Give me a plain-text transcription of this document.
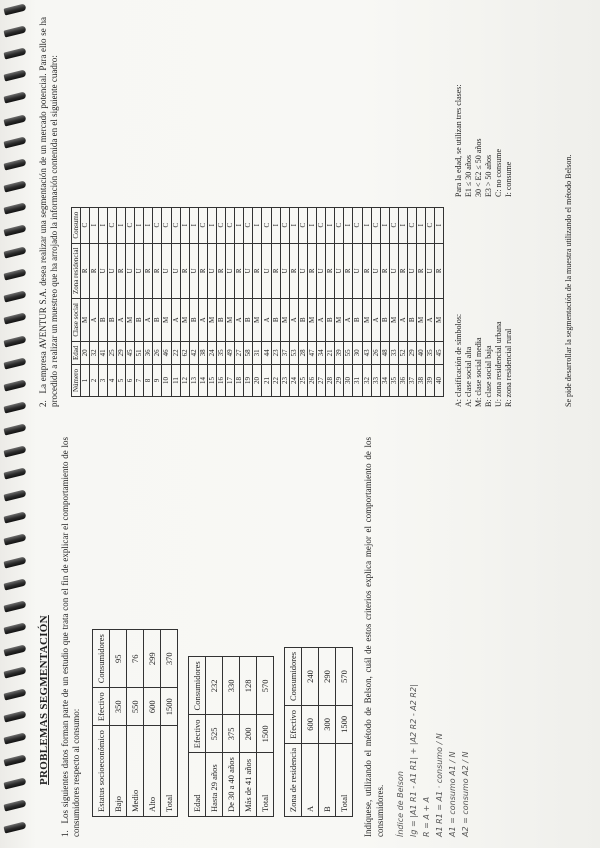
PROBLEMAS SEGMENTACIÓN
1. Los siguientes datos forman parte de un estudio que trata con el fin de explicar el comportamiento de los consumidores respecto al consumo: Estatus socioeconómico	Efectivo	Consumidores
Bajo	350	95
Medio	550	76
Alto	600	299
Total	1500	370
Edad	Efectivo	Consumidores
Hasta 29 años	525	232
De 30 a 40 años	375	330
Más de 41 años	200	128
Total	1500	570
Zona de residencia	Efectivo	Consumidores
A	600	240
B	300	290
Total	1500	570 Indíquese, utilizando el método de Belson, cuál de estos criterios explica mejor el comportamiento de los consumidores. Índice de Belson Ig = |A1 R1 - A1 R1| + |A2 R2 - A2 R2| R = A + A A1 R1 = A1 · consumo / N A1 = consumo A1 / N A2 = consumo A2 / N
2. La empresa AVENTUR S.A. desea realizar una segmentación de un mercado potencial. Para ello se ha procedido a realizar un muestreo que ha arrojado la información contenida en el siguiente cuadro: Número	Edad	Clase social	Zona residencial	Consumo
1	20	M	R	C
2	32	A	R	I
3	41	B	U	I
4	25	B	U	C
5	29	A	R	I
6	45	M	U	C
7	51	B	U	I
8	36	A	R	I
9	26	B	R	C
10	46	M	U	C
11	22	A	U	C
12	62	M	R	I
13	42	B	U	I
14	38	A	R	C
15	24	M	U	I
16	35	B	R	C
17	49	M	U	C
18	27	A	R	I
19	58	B	U	C
20	31	M	R	I
21	44	A	U	C
22	23	B	R	I
23	37	M	U	C
24	53	A	R	I
25	28	B	U	C
26	47	M	R	I
27	34	A	U	C
28	21	B	R	I
29	39	M	U	C
30	55	A	R	I
31	30	B	U	C
32	43	M	R	I
33	26	A	U	C
34	48	B	R	I
35	33	M	U	C
36	52	A	R	I
37	29	B	U	C
38	40	M	R	I
39	35	A	U	C
40	45	M	R	I
A: clasificación de símbolos: A: clase social alta M: clase social media B: clase social baja U: zona residencial urbana R: zona residencial rural
Para la edad, se utilizan tres clases: E1 ≤ 30 años 30 < E2 ≤ 50 años E3 > 50 años C: no consume I: consume	Se pide desarrollar la segmentación de la muestra utilizando el método Belson.
